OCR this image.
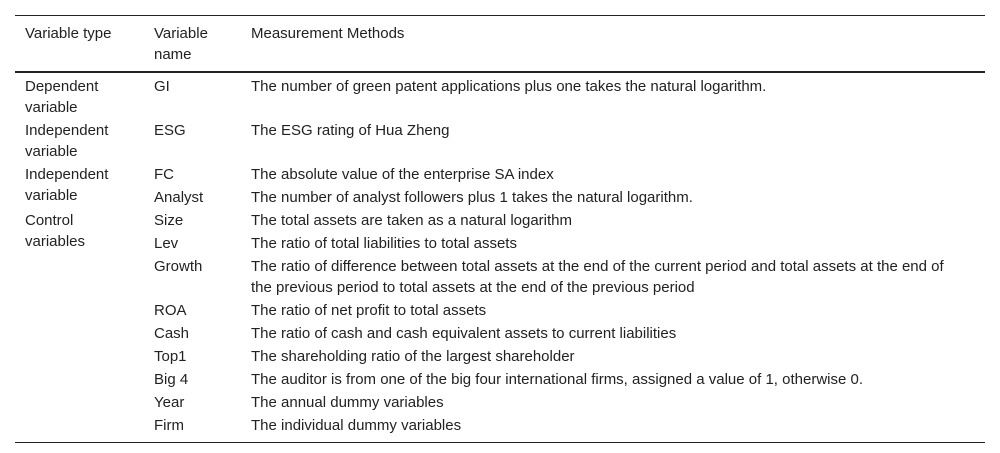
Variable type	Variable name	Measurement Methods
Dependent variable	GI	The number of green patent applications plus one takes the natural logarithm.
Independent variable	ESG	The ESG rating of Hua Zheng
Independent variable	FC	The absolute value of the enterprise SA index
	Analyst	The number of analyst followers plus 1 takes the natural logarithm.
Control variables	Size	The total assets are taken as a natural logarithm
	Lev	The ratio of total liabilities to total assets
	Growth	The ratio of difference between total assets at the end of the current period and total assets at the end of the previous period to total assets at the end of the previous period
	ROA	The ratio of net profit to total assets
	Cash	The ratio of cash and cash equivalent assets to current liabilities
	Top1	The shareholding ratio of the largest shareholder
	Big 4	The auditor is from one of the big four international firms, assigned a value of 1, otherwise 0.
	Year	The annual dummy variables
	Firm	The individual dummy variables
